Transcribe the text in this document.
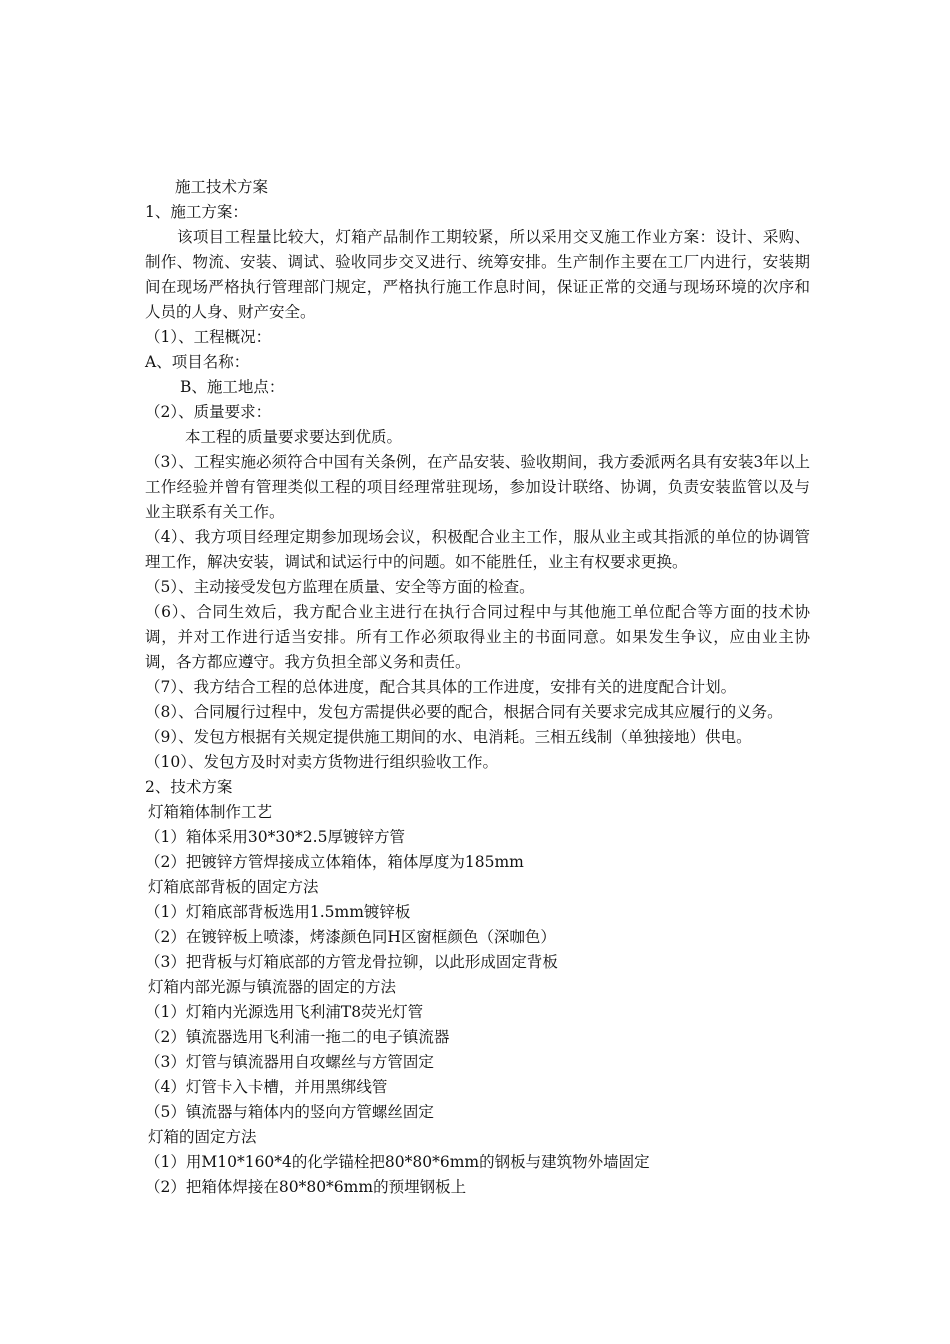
施工技术方案

1、施工方案：

该项目工程量比较大，灯箱产品制作工期较紧，所以采用交叉施工作业方案：设计、采购、制作、物流、安装、调试、验收同步交叉进行、统筹安排。生产制作主要在工厂内进行，安装期间在现场严格执行管理部门规定，严格执行施工作息时间，保证正常的交通与现场环境的次序和人员的人身、财产安全。

（1）、工程概况：

A、项目名称：

B、施工地点：

（2）、质量要求：

本工程的质量要求要达到优质。

（3）、工程实施必须符合中国有关条例，在产品安装、验收期间，我方委派两名具有安装3年以上工作经验并曾有管理类似工程的项目经理常驻现场，参加设计联络、协调，负责安装监管以及与业主联系有关工作。

（4）、我方项目经理定期参加现场会议，积极配合业主工作，服从业主或其指派的单位的协调管理工作，解决安装，调试和试运行中的问题。如不能胜任，业主有权要求更换。

（5）、主动接受发包方监理在质量、安全等方面的检查。

（6）、合同生效后，我方配合业主进行在执行合同过程中与其他施工单位配合等方面的技术协调，并对工作进行适当安排。所有工作必须取得业主的书面同意。如果发生争议，应由业主协调，各方都应遵守。我方负担全部义务和责任。

（7）、我方结合工程的总体进度，配合其具体的工作进度，安排有关的进度配合计划。

（8）、合同履行过程中，发包方需提供必要的配合，根据合同有关要求完成其应履行的义务。

（9）、发包方根据有关规定提供施工期间的水、电消耗。三相五线制（单独接地）供电。

（10）、发包方及时对卖方货物进行组织验收工作。

2、技术方案

灯箱箱体制作工艺

（1）箱体采用30*30*2.5厚镀锌方管

（2）把镀锌方管焊接成立体箱体，箱体厚度为185mm

灯箱底部背板的固定方法

（1）灯箱底部背板选用1.5mm镀锌板

（2）在镀锌板上喷漆，烤漆颜色同H区窗框颜色（深咖色）

（3）把背板与灯箱底部的方管龙骨拉铆，以此形成固定背板

灯箱内部光源与镇流器的固定的方法

（1）灯箱内光源选用飞利浦T8荧光灯管

（2）镇流器选用飞利浦一拖二的电子镇流器

（3）灯管与镇流器用自攻螺丝与方管固定

（4）灯管卡入卡槽，并用黑绑线管

（5）镇流器与箱体内的竖向方管螺丝固定

灯箱的固定方法

（1）用M10*160*4的化学锚栓把80*80*6mm的钢板与建筑物外墙固定

（2）把箱体焊接在80*80*6mm的预埋钢板上
